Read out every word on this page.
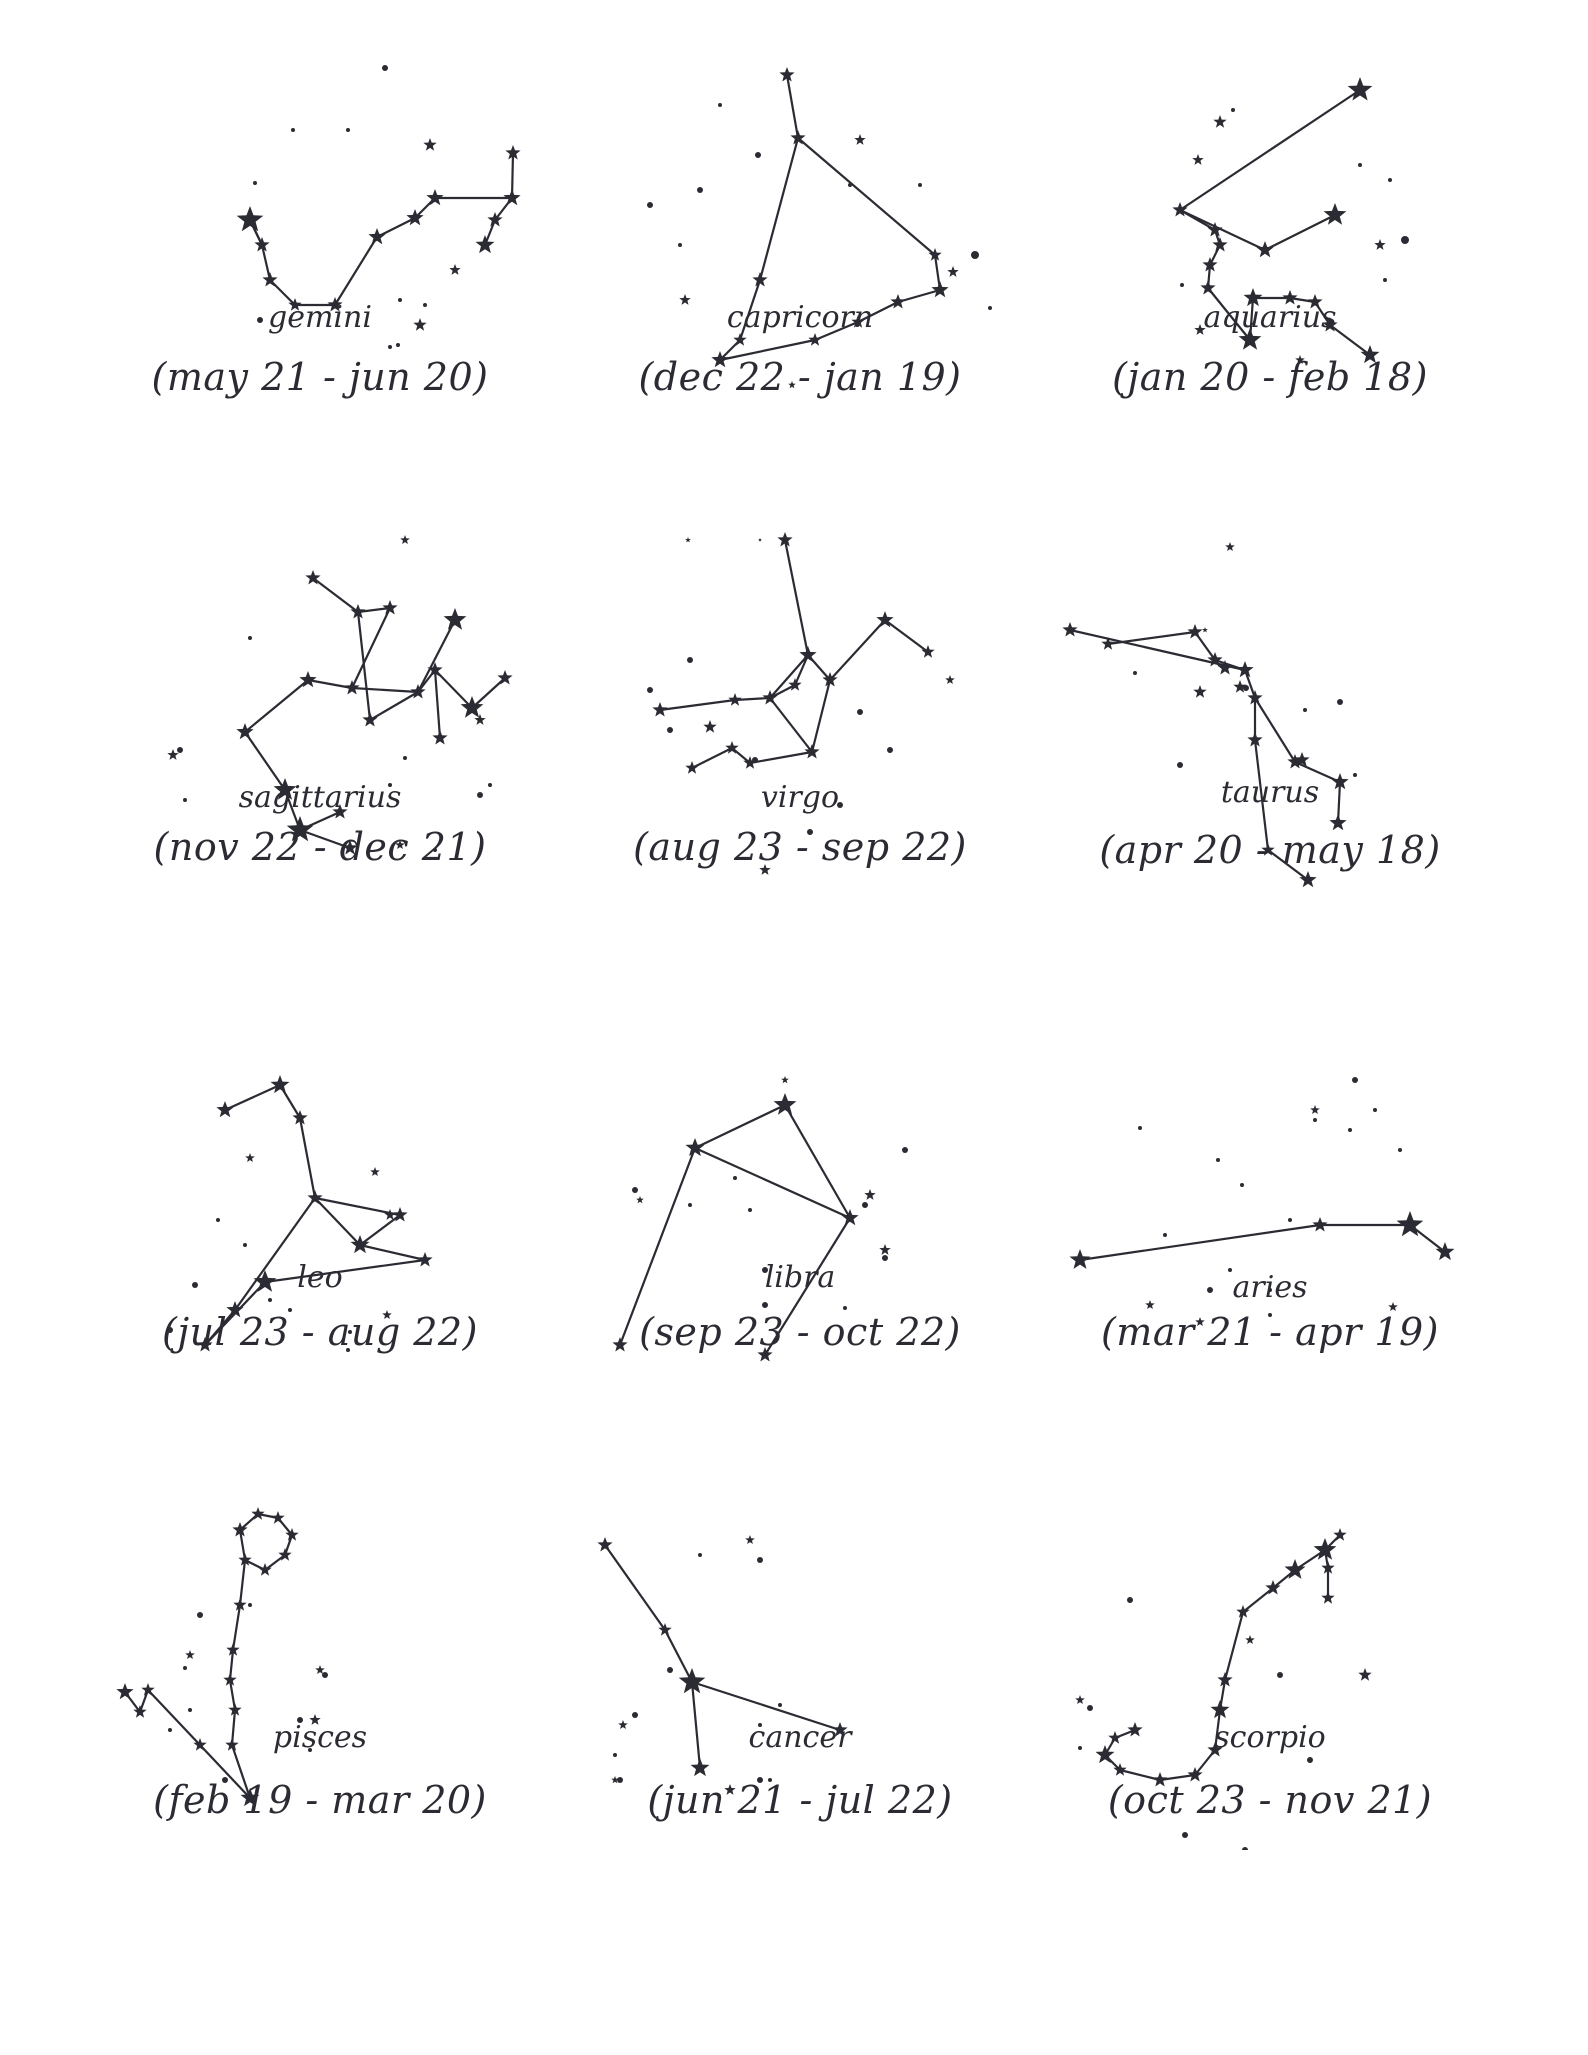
gemini
(may 21 - jun 20)
capricorn
(dec 22 - jan 19)
aquarius
(jan 20 - feb 18)
sagittarius
(nov 22 - dec 21)
virgo
(aug 23 - sep 22)
taurus
(apr 20 - may 18)
leo
(jul 23 - aug 22)
libra
(sep 23 - oct 22)
aries
(mar 21 - apr 19)
pisces
(feb 19 - mar 20)
cancer
(jun 21 - jul 22)
scorpio
(oct 23 - nov 21)
